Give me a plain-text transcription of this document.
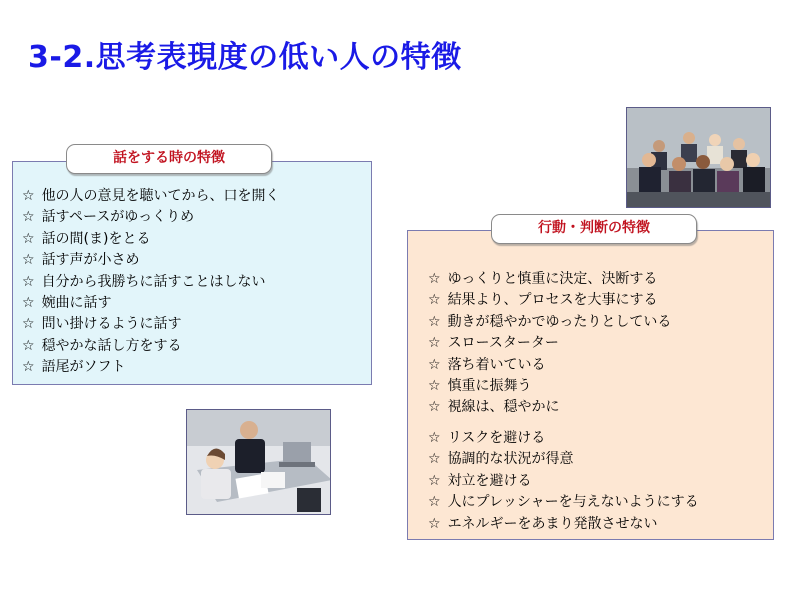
3-2.思考表現度の低い人の特徴
話をする時の特徴
☆ 他の人の意見を聴いてから、口を開く
☆ 話すペースがゆっくりめ
☆ 話の間(ま)をとる
☆ 話す声が小さめ
☆ 自分から我勝ちに話すことはしない
☆ 婉曲に話す
☆ 問い掛けるように話す
☆ 穏やかな話し方をする
☆ 語尾がソフト
行動・判断の特徴
☆ ゆっくりと慎重に決定、決断する
☆ 結果より、プロセスを大事にする
☆ 動きが穏やかでゆったりとしている
☆ スロースターター
☆ 落ち着いている
☆ 慎重に振舞う
☆ 視線は、穏やかに
☆ リスクを避ける
☆ 協調的な状況が得意
☆ 対立を避ける
☆ 人にプレッシャーを与えないようにする
☆ エネルギーをあまり発散させない
